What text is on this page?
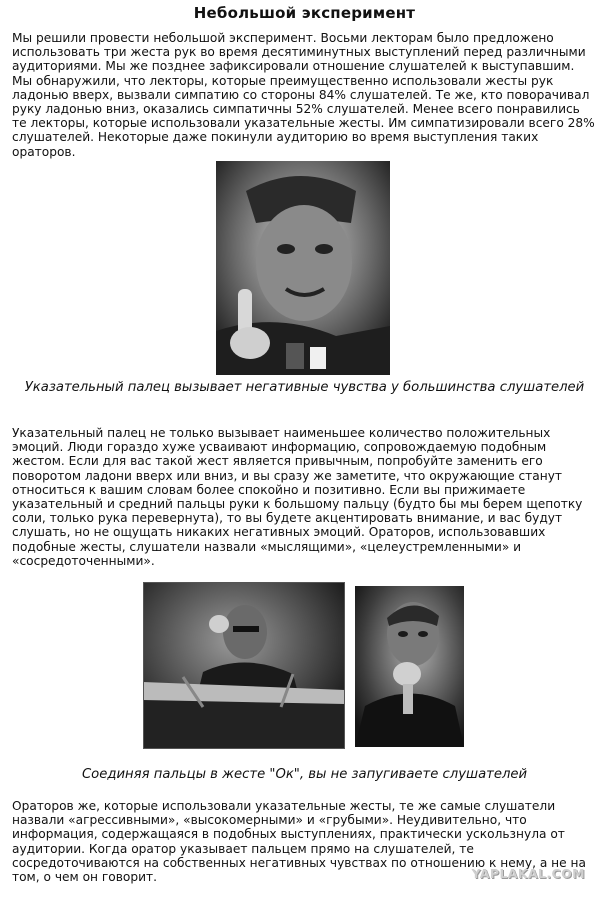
Небольшой эксперимент

Мы решили провести небольшой эксперимент. Восьми лекторам было предложено использовать три жеста рук во время десятиминутных выступлений перед различными аудиториями. Мы же позднее зафиксировали отношение слушателей к выступавшим. Мы обнаружили, что лекторы, которые преимущественно использовали жесты рук ладонью вверх, вызвали симпатию со стороны 84% слушателей. Те же, кто поворачивал руку ладонью вниз, оказались симпатичны 52% слушателей. Менее всего понравились те лекторы, которые использовали указательные жесты. Им симпатизировали всего 28% слушателей. Некоторые даже покинули аудиторию во время выступления таких ораторов.

Указательный палец вызывает негативные чувства у большинства слушателей

Указательный палец не только вызывает наименьшее количество положительных эмоций. Люди гораздо хуже усваивают информацию, сопровождаемую подобным жестом. Если для вас такой жест является привычным, попробуйте заменить его поворотом ладони вверх или вниз, и вы сразу же заметите, что окружающие станут относиться к вашим словам более спокойно и позитивно. Если вы прижимаете указательный и средний пальцы руки к большому пальцу (будто бы мы берем щепотку соли, только рука перевернута), то вы будете акцентировать внимание, и вас будут слушать, но не ощущать никаких негативных эмоций. Ораторов, использовавших подобные жесты, слушатели назвали «мыслящими», «целеустремленными» и «сосредоточенными».

Соединяя пальцы в жесте "Ок", вы не запугиваете слушателей

Ораторов же, которые использовали указательные жесты, те же самые слушатели назвали «агрессивными», «высокомерными» и «грубыми». Неудивительно, что информация, содержащаяся в подобных выступлениях, практически ускользнула от аудитории. Когда оратор указывает пальцем прямо на слушателей, те сосредоточиваются на собственных негативных чувствах по отношению к нему, а не на том, о чем он говорит.	YAPLAKAL.COM
